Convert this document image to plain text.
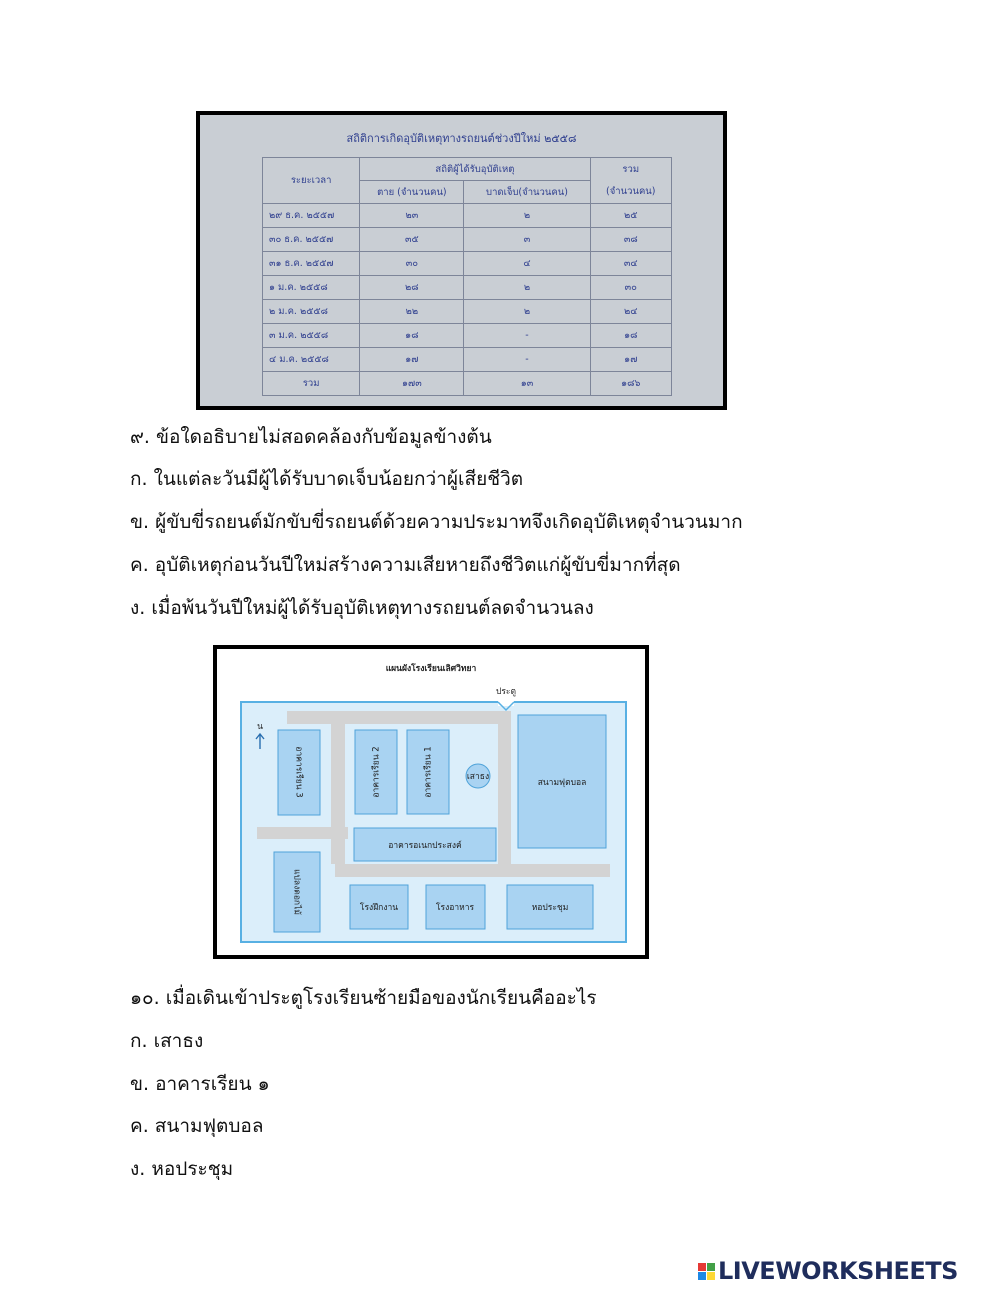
สถิติการเกิดอุบัติเหตุทางรถยนต์ช่วงปีใหม่ ๒๕๕๘
ระยะเวลา	สถิติผู้ได้รับอุบัติเหตุ		รวม
	ตาย (จำนวนคน)	บาดเจ็บ(จำนวนคน)	(จำนวนคน)
๒๙ ธ.ค. ๒๕๕๗	๒๓	๒	๒๕
๓๐ ธ.ค. ๒๕๕๗	๓๕	๓	๓๘
๓๑ ธ.ค. ๒๕๕๗	๓๐	๔	๓๔
๑ ม.ค. ๒๕๕๘	๒๘	๒	๓๐
๒ ม.ค. ๒๕๕๘	๒๒	๒	๒๔
๓ ม.ค. ๒๕๕๘	๑๘	-	๑๘
๔ ม.ค. ๒๕๕๘	๑๗	-	๑๗
รวม	๑๗๓	๑๓	๑๘๖
๙. ข้อใดอธิบายไม่สอดคล้องกับข้อมูลข้างต้น
ก. ในแต่ละวันมีผู้ได้รับบาดเจ็บน้อยกว่าผู้เสียชีวิต
ข. ผู้ขับขี่รถยนต์มักขับขี่รถยนต์ด้วยความประมาทจึงเกิดอุบัติเหตุจำนวนมาก
ค. อุบัติเหตุก่อนวันปีใหม่สร้างความเสียหายถึงชีวิตแก่ผู้ขับขี่มากที่สุด
ง. เมื่อพ้นวันปีใหม่ผู้ได้รับอุบัติเหตุทางรถยนต์ลดจำนวนลง
แผนผังโรงเรียนเลิศวิทยา
ประตู
น
อาคารเรียน 3	อาคารเรียน 2	อาคารเรียน 1	เสาธง
สนามฟุตบอล
อาคารอเนกประสงค์
แปลงดอกไม้	โรงฝึกงาน	โรงอาหาร	หอประชุม
๑๐. เมื่อเดินเข้าประตูโรงเรียนซ้ายมือของนักเรียนคืออะไร
ก. เสาธง
ข. อาคารเรียน ๑
ค. สนามฟุตบอล
ง. หอประชุม
LIVEWORKSHEETS
